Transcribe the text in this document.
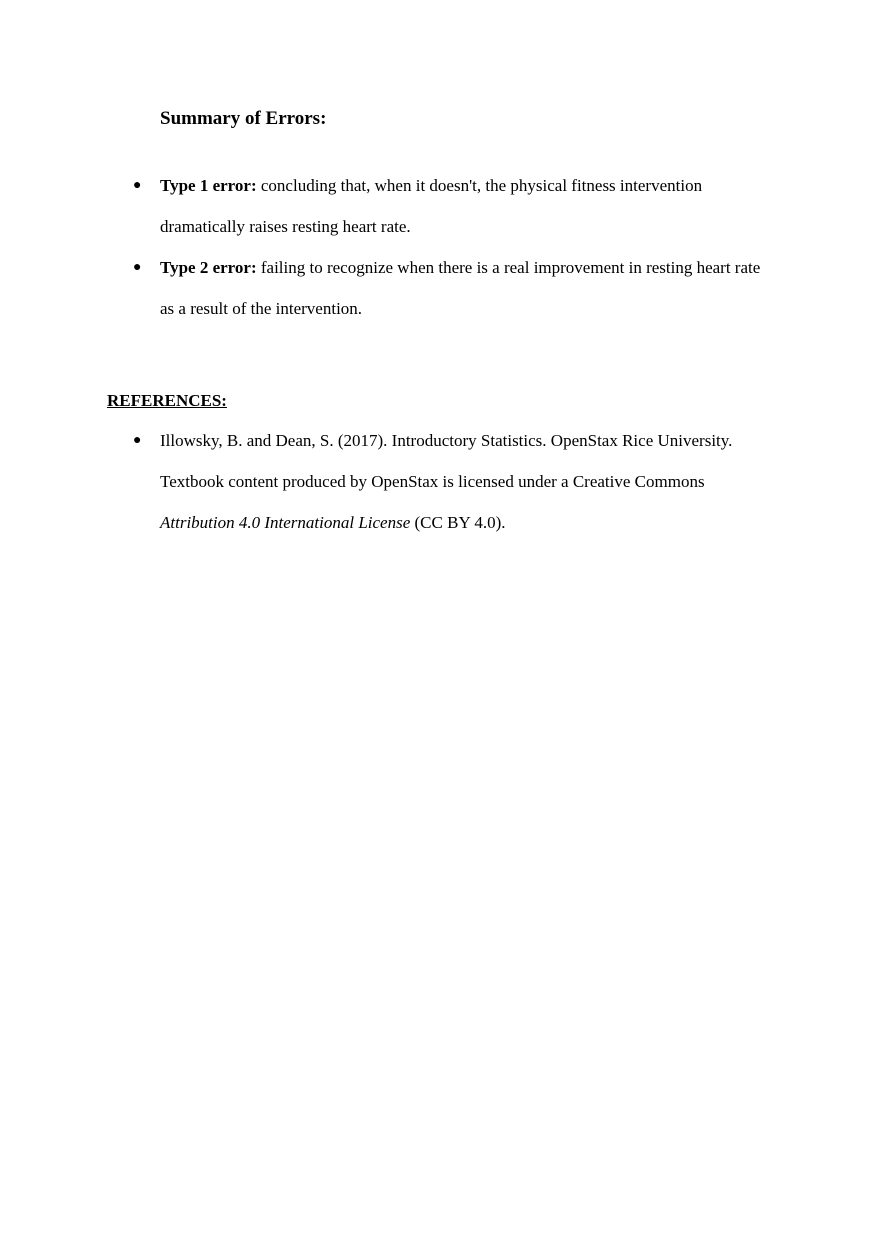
Summary of Errors:
● Type 1 error: concluding that, when it doesn't, the physical fitness intervention dramatically raises resting heart rate.
● Type 2 error: failing to recognize when there is a real improvement in resting heart rate as a result of the intervention.
REFERENCES:
● Illowsky, B. and Dean, S. (2017). Introductory Statistics. OpenStax Rice University. Textbook content produced by OpenStax is licensed under a Creative Commons Attribution 4.0 International License (CC BY 4.0).
